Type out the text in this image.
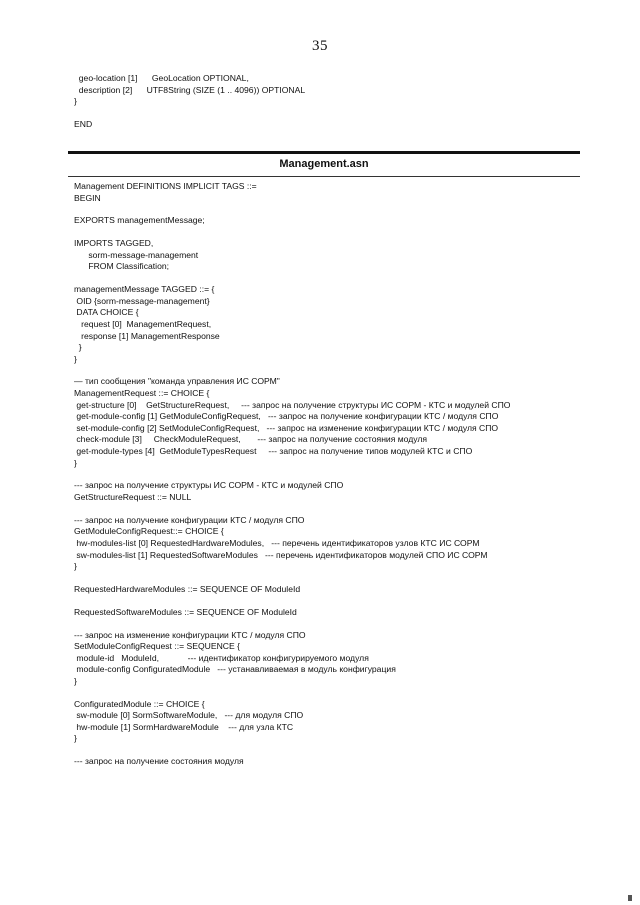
35
geo-location [1]      GeoLocation OPTIONAL,
description [2]      UTF8String (SIZE (1 .. 4096)) OPTIONAL
}
END
Management.asn
Management DEFINITIONS IMPLICIT TAGS ::=
BEGIN
EXPORTS managementMessage;
IMPORTS TAGGED,
sorm-message-management
FROM Classification;
managementMessage TAGGED ::= {
OID {sorm-message-management}
DATA CHOICE {
request [0]  ManagementRequest,
response [1] ManagementResponse
}
}
— тип сообщения "команда управления ИС СОРМ"
ManagementRequest ::= CHOICE {
get-structure [0]    GetStructureRequest,     --- запрос на получение структуры ИС СОРМ - КТС и модулей СПО
get-module-config [1] GetModuleConfigRequest,   --- запрос на получение конфигурации КТС / модуля СПО
set-module-config [2] SetModuleConfigRequest,   --- запрос на изменение конфигурации КТС / модуля СПО
check-module [3]     CheckModuleRequest,       --- запрос на получение состояния модуля
get-module-types [4]  GetModuleTypesRequest     --- запрос на получение типов модулей КТС и СПО
}
--- запрос на получение структуры ИС СОРМ - КТС и модулей СПО
GetStructureRequest ::= NULL
--- запрос на получение конфигурации КТС / модуля СПО
GetModuleConfigRequest::= CHOICE {
hw-modules-list [0] RequestedHardwareModules,   --- перечень идентификаторов узлов КТС ИС СОРМ
sw-modules-list [1] RequestedSoftwareModules   --- перечень идентификаторов модулей СПО ИС СОРМ
}
RequestedHardwareModules ::= SEQUENCE OF ModuleId
RequestedSoftwareModules ::= SEQUENCE OF ModuleId
--- запрос на изменение конфигурации КТС / модуля СПО
SetModuleConfigRequest ::= SEQUENCE {
module-id   ModuleId,            --- идентификатор конфигурируемого модуля
module-config ConfiguratedModule   --- устанавливаемая в модуль конфигурация
}
ConfiguratedModule ::= CHOICE {
sw-module [0] SormSoftwareModule,   --- для модуля СПО
hw-module [1] SormHardwareModule    --- для узла КТС
}
--- запрос на получение состояния модуля
